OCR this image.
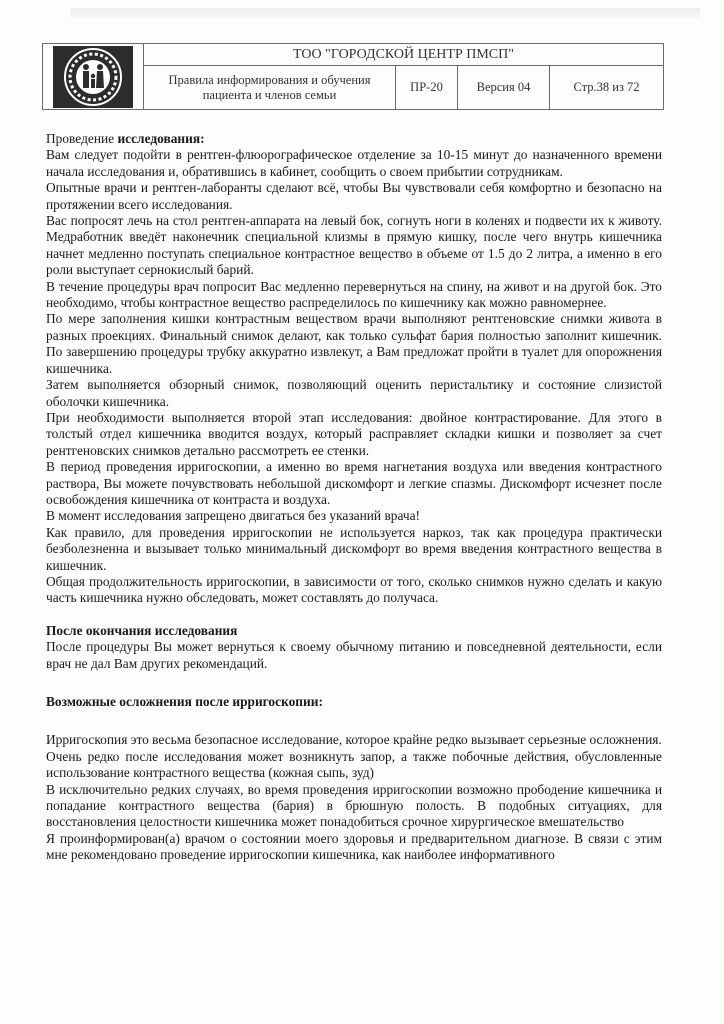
ТОО "ГОРОДСКОЙ ЦЕНТР ПМСП"
Правила информирования и обучения пациента и членов семьи
ПР-20	Версия 04	Стр.38 из 72

Проведение исследования:

Вам следует подойти в рентген-флюорографическое отделение за 10-15 минут до назначенного времени начала исследования и, обратившись в кабинет, сообщить о своем прибытии сотрудникам.

Опытные врачи и рентген-лаборанты сделают всё, чтобы Вы чувствовали себя комфортно и безопасно на протяжении всего исследования.

Вас попросят лечь на стол рентген-аппарата на левый бок, согнуть ноги в коленях и подвести их к животу. Медработник введёт наконечник специальной клизмы в прямую кишку, после чего внутрь кишечника начнет медленно поступать специальное контрастное вещество в объеме от 1.5 до 2 литра, а именно в его роли выступает сернокислый барий.

В течение процедуры врач попросит Вас медленно перевернуться на спину, на живот и на другой бок. Это необходимо, чтобы контрастное вещество распределилось по кишечнику как можно равномернее.

По мере заполнения кишки контрастным веществом врачи выполняют рентгеновские снимки живота в разных проекциях. Финальный снимок делают, как только сульфат бария полностью заполнит кишечник. По завершению процедуры трубку аккуратно извлекут, а Вам предложат пройти в туалет для опорожнения кишечника.

Затем выполняется обзорный снимок, позволяющий оценить перистальтику и состояние слизистой оболочки кишечника.

При необходимости выполняется второй этап исследования: двойное контрастирование. Для этого в толстый отдел кишечника вводится воздух, который расправляет складки кишки и позволяет за счет рентгеновских снимков детально рассмотреть ее стенки.

В период проведения ирригоскопии, а именно во время нагнетания воздуха или введения контрастного раствора, Вы можете почувствовать небольшой дискомфорт и легкие спазмы. Дискомфорт исчезнет после освобождения кишечника от контраста и воздуха.

В момент исследования запрещено двигаться без указаний врача!

Как правило, для проведения ирригоскопии не используется наркоз, так как процедура практически безболезненна и вызывает только минимальный дискомфорт во время введения контрастного вещества в кишечник.

Общая продолжительность ирригоскопии, в зависимости от того, сколько снимков нужно сделать и какую часть кишечника нужно обследовать, может составлять до получаса.

После окончания исследования

После процедуры Вы может вернуться к своему обычному питанию и повседневной деятельности, если врач не дал Вам других рекомендаций.

Возможные осложнения после ирригоскопии:

Ирригоскопия это весьма безопасное исследование, которое крайне редко вызывает серьезные осложнения.

Очень редко после исследования может возникнуть запор, а также побочные действия, обусловленные использование контрастного вещества (кожная сыпь, зуд)

В исключительно редких случаях, во время проведения ирригоскопии возможно прободение кишечника и попадание контрастного вещества (бария) в брюшную полость. В подобных ситуациях, для восстановления целостности кишечника может понадобиться срочное хирургическое вмешательство

Я проинформирован(а) врачом о состоянии моего здоровья и предварительном диагнозе. В связи с этим мне рекомендовано проведение ирригоскопии кишечника, как наиболее информативного
